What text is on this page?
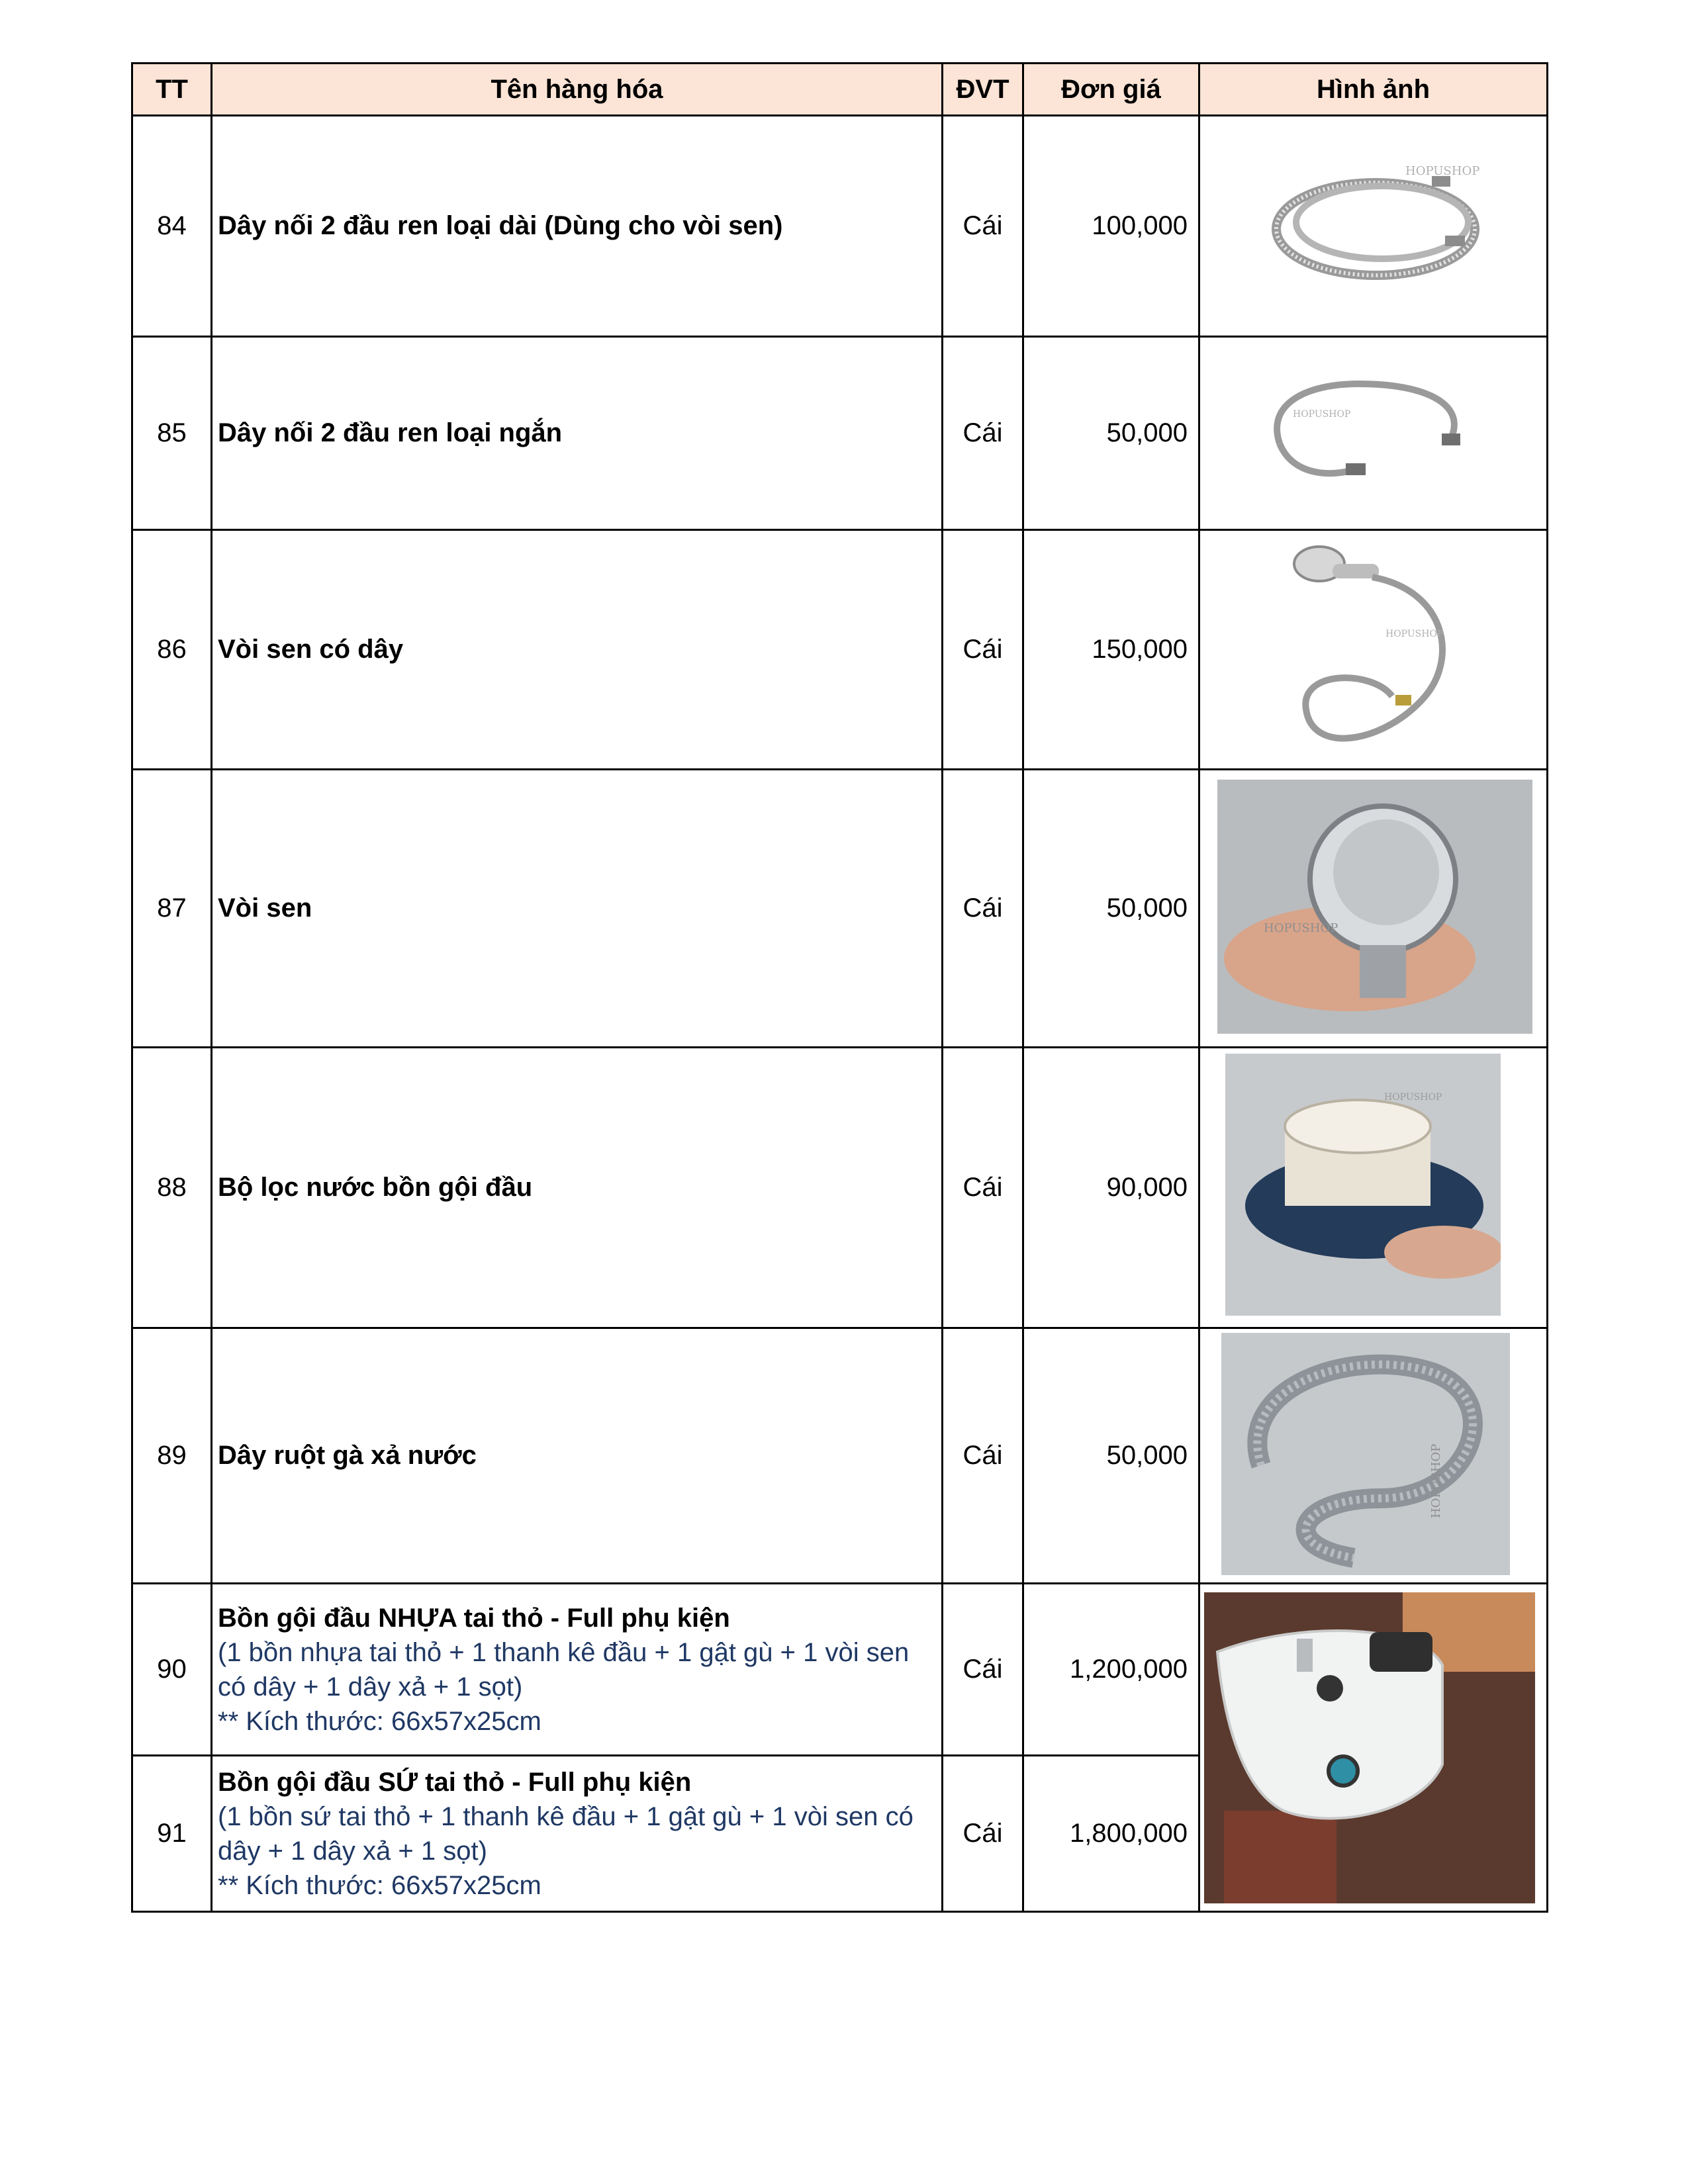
TT	Tên hàng hóa	ĐVT	Đơn giá	Hình ảnh
84	Dây nối 2 đầu ren loại dài (Dùng cho vòi sen)	Cái	100,000	HOPUSHOP

85	Dây nối 2 đầu ren loại ngắn	Cái	50,000	HOPUSHOP

86	Vòi sen có dây	Cái	150,000	HOPUSHOP

87	Vòi sen	Cái	50,000	HOPUSHOP

88	Bộ lọc nước bồn gội đầu	Cái	90,000	HOPUSHOP

89	Dây ruột gà xả nước	Cái	50,000	HOPUSHOP

90	Bồn gội đầu NHỰA tai thỏ - Full phụ kiện
(1 bồn nhựa tai thỏ + 1 thanh kê đầu + 1 gật gù + 1 vòi sen có dây + 1 dây xả + 1 sọt)
** Kích thước: 66x57x25cm	Cái	1,200,000	

91	Bồn gội đầu SỨ tai thỏ - Full phụ kiện
(1 bồn sứ tai thỏ + 1 thanh kê đầu + 1 gật gù + 1 vòi sen có dây + 1 dây xả + 1 sọt)
** Kích thước: 66x57x25cm	Cái	1,800,000	
